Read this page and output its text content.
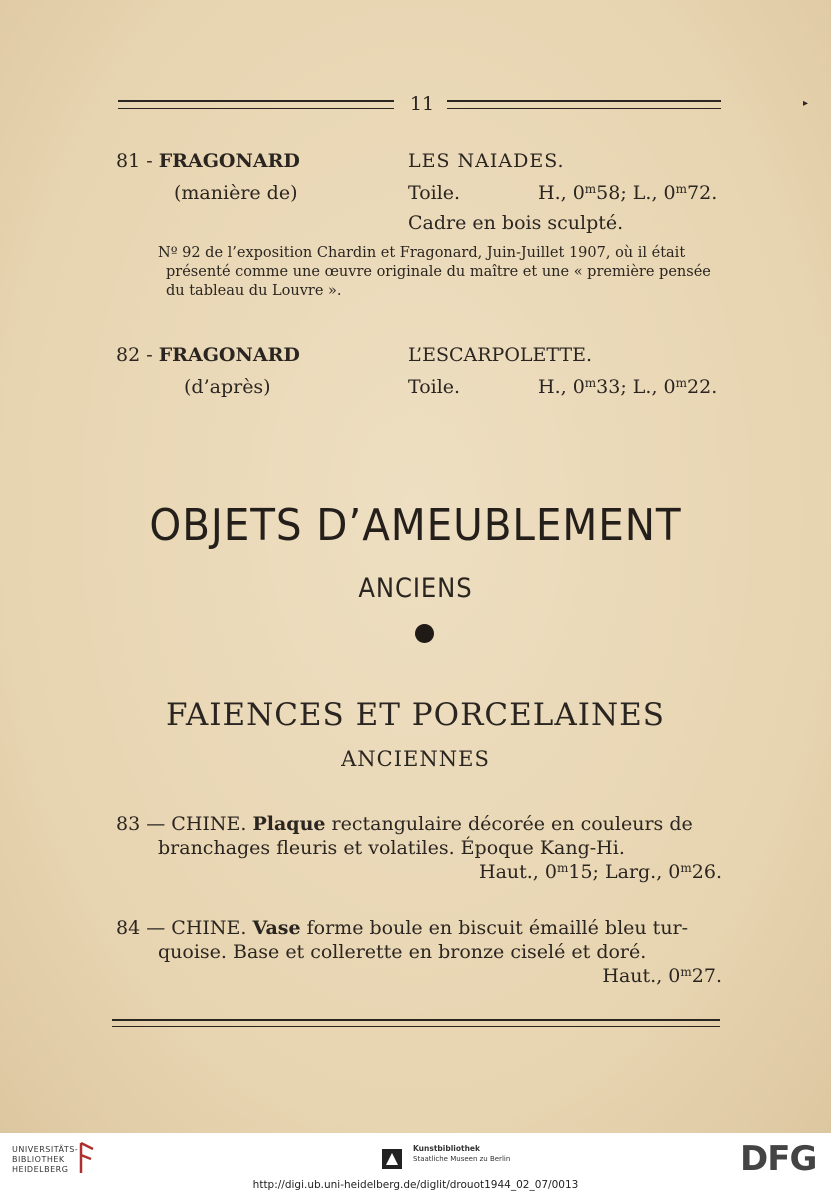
11	▸
81 - FRAGONARD
(manière de)
LES NAIADES.
Toile.	H., 0$^m$58; L., 0$^m$72.
Cadre en bois sculpté.

Nº 92 de l’exposition Chardin et Fragonard, Juin-Juillet 1907, où il était

présenté comme une œuvre originale du maître et une « première pensée

du tableau du Louvre ».

82 - FRAGONARD
(d’après)
L’ESCARPOLETTE.
Toile.	H., 0$^m$33; L., 0$^m$22.
OBJETS D’AMEUBLEMENT
ANCIENS
FAIENCES ET PORCELAINES
ANCIENNES

83 — CHINE. Plaque rectangulaire décorée en couleurs de

branchages fleuris et volatiles. Époque Kang-Hi.

Haut., 0$^m$15; Larg., 0$^m$26.

84 — CHINE. Vase forme boule en biscuit émaillé bleu tur-

quoise. Base et collerette en bronze ciselé et doré.

Haut., 0$^m$27.

UNIVERSITÄTS-
BIBLIOTHEK
HEIDELBERG
Kunstbibliothek
Staatliche Museen zu Berlin	DFG
http://digi.ub.uni-heidelberg.de/diglit/drouot1944_02_07/0013
